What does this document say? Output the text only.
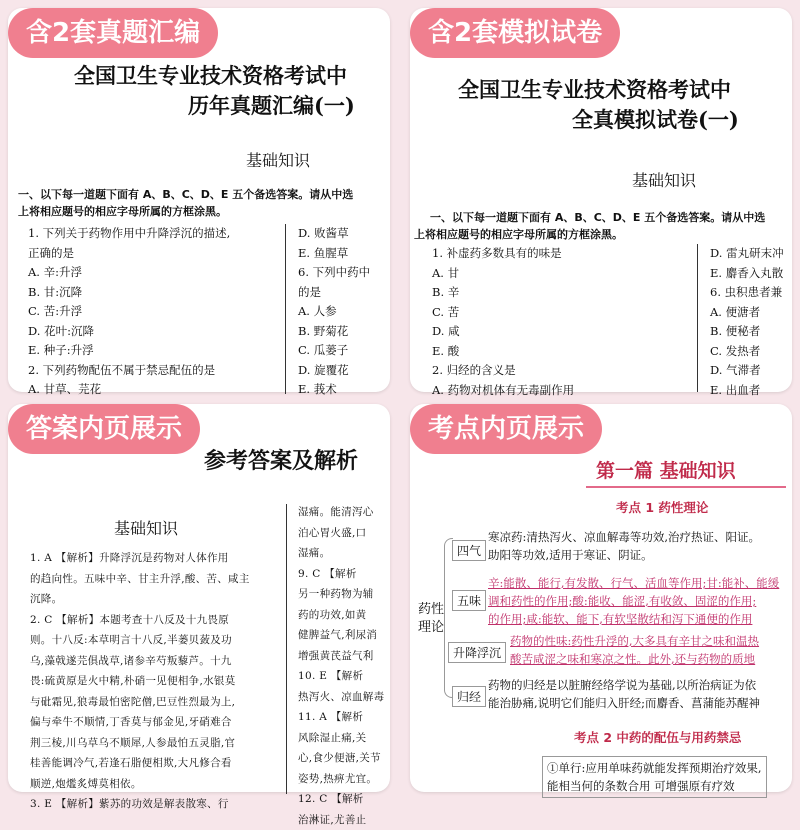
全国卫生专业技术资格考试中
历年真题汇编(一)
基础知识
一、以下每一道题下面有 A、B、C、D、E 五个备选答案。请从中选
上将相应题号的相应字母所属的方框涂黑。
1. 下列关于药物作用中升降浮沉的描述,
正确的是
A. 辛:升浮
B. 甘:沉降
C. 苦:升浮
D. 花叶:沉降
E. 种子:升浮
2. 下列药物配伍不属于禁忌配伍的是
A. 甘草、芫花
D. 败酱草
E. 鱼腥草
6. 下列中药中
的是
A. 人参
B. 野菊花
C. 瓜蒌子
D. 旋覆花
E. 莪术
含2套真题汇编
全国卫生专业技术资格考试中
全真模拟试卷(一)
基础知识
一、以下每一道题下面有 A、B、C、D、E 五个备选答案。请从中选
上将相应题号的相应字母所属的方框涂黑。
1. 补虚药多数具有的味是
A. 甘
B. 辛
C. 苦
D. 咸
E. 酸
2. 归经的含义是
A. 药物对机体有无毒副作用
D. 雷丸研末冲
E. 麝香入丸散
6. 虫积患者兼
A. 便溏者
B. 便秘者
C. 发热者
D. 气滞者
E. 出血者
含2套模拟试卷
参考答案及解析
基础知识
1. A 【解析】升降浮沉是药物对人体作用
的趋向性。五味中辛、甘主升浮,酸、苦、咸主
沉降。
2. C 【解析】本题考查十八反及十九畏原
则。十八反:本草明言十八反,半蒌贝蔹及功
乌,藻戟遂芫俱战草,诸参辛芍叛藜芦。十九
畏:硫黄原是火中精,朴硝一见便相争,水银莫
与砒霜见,狼毒最怕密陀僧,巴豆性烈最为上,
偏与牵牛不顺情,丁香莫与郁金见,牙硝难合
荆三棱,川乌草乌不顺犀,人参最怕五灵脂,官
桂善能调冷气,若逢石脂便相欺,大凡修合看
顺逆,炮爁炙煿莫相依。
3. E 【解析】紫苏的功效是解表散寒、行
湿痛。能清泻心
泊心胃火盛,口
湿痛。
9. C 【解析
另一种药物为辅
药的功效,如黄
健脾益气,利尿消
增强黄芪益气利
10. E 【解析
热泻火、凉血解毒
11. A 【解析
风除湿止痛,关
心,食少便溏,关节
姿势,热痹尤宜。
12. C 【解析
治淋证,尤善止
答案内页展示
第一篇 基础知识
考点 1 药性理论
药性理论
四气
寒凉药:清热泻火、凉血解毒等功效,治疗热证、阳证。
助阳等功效,适用于寒证、阴证。
五味
辛:能散、能行,有发散、行气、活血等作用;甘:能补、能缓
调和药性的作用;酸:能收、能涩,有收敛、固涩的作用;
的作用;咸:能软、能下,有软坚散结和泻下通便的作用
升降浮沉
药物的性味:药性升浮的,大多具有辛甘之味和温热
酸苦咸涩之味和寒凉之性。此外,还与药物的质地
归经
药物的归经是以脏腑经络学说为基础,以所治病证为依
能治胁痛,说明它们能归入肝经;而麝香、菖蒲能苏醒神
考点 2 中药的配伍与用药禁忌
①单行:应用单味药就能发挥预期治疗效果,
能相当何的条数合用 可增强原有疗效
考点内页展示
